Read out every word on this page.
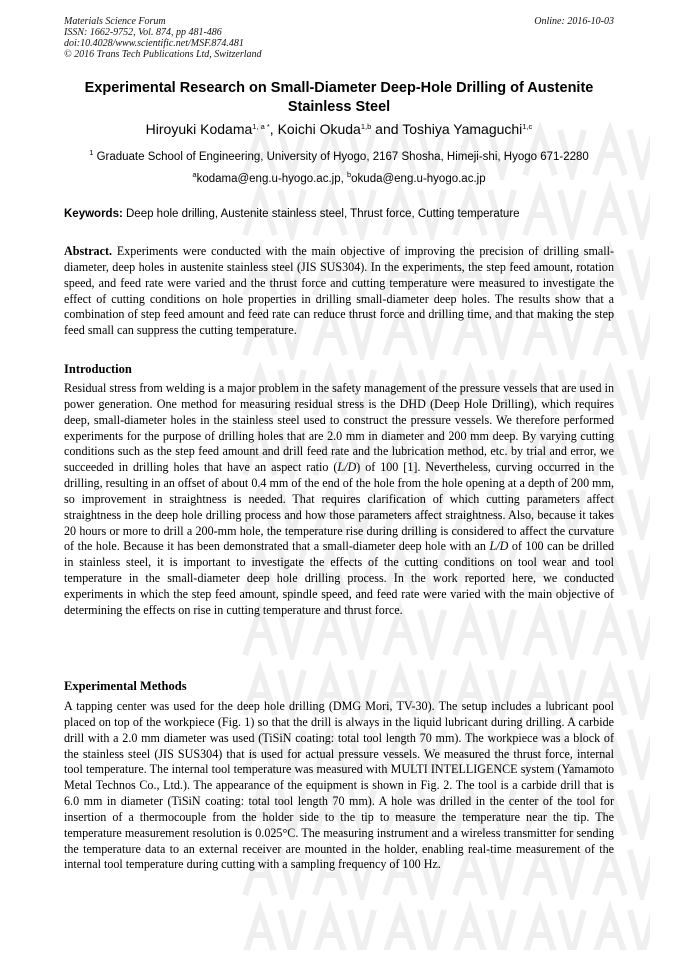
Materials Science Forum
ISSN: 1662-9752, Vol. 874, pp 481-486
doi:10.4028/www.scientific.net/MSF.874.481
© 2016 Trans Tech Publications Ltd, Switzerland
Online: 2016-10-03
Experimental Research on Small-Diameter Deep-Hole Drilling of Austenite Stainless Steel
Hiroyuki Kodama$^{1, a *}$, Koichi Okuda$^{1,b}$ and Toshiya Yamaguchi$^{1,c}$
$^1$ Graduate School of Engineering, University of Hyogo, 2167 Shosha, Himeji-shi, Hyogo 671-2280
$^a$kodama@eng.u-hyogo.ac.jp, $^b$okuda@eng.u-hyogo.ac.jp
Keywords: Deep hole drilling, Austenite stainless steel, Thrust force, Cutting temperature

Abstract. Experiments were conducted with the main objective of improving the precision of drilling small-diameter, deep holes in austenite stainless steel (JIS SUS304). In the experiments, the step feed amount, rotation speed, and feed rate were varied and the thrust force and cutting temperature were measured to investigate the effect of cutting conditions on hole properties in drilling small-diameter deep holes. The results show that a combination of step feed amount and feed rate can reduce thrust force and drilling time, and that making the step feed small can suppress the cutting temperature.

Introduction

Residual stress from welding is a major problem in the safety management of the pressure vessels that are used in power generation. One method for measuring residual stress is the DHD (Deep Hole Drilling), which requires deep, small-diameter holes in the stainless steel used to construct the pressure vessels. We therefore performed experiments for the purpose of drilling holes that are 2.0 mm in diameter and 200 mm deep. By varying cutting conditions such as the step feed amount and drill feed rate and the lubrication method, etc. by trial and error, we succeeded in drilling holes that have an aspect ratio (L/D) of 100 [1]. Nevertheless, curving occurred in the drilling, resulting in an offset of about 0.4 mm of the end of the hole from the hole opening at a depth of 200 mm, so improvement in straightness is needed. That requires clarification of which cutting parameters affect straightness in the deep hole drilling process and how those parameters affect straightness. Also, because it takes 20 hours or more to drill a 200-mm hole, the temperature rise during drilling is considered to affect the curvature of the hole. Because it has been demonstrated that a small-diameter deep hole with an L/D of 100 can be drilled in stainless steel, it is important to investigate the effects of the cutting conditions on tool wear and tool temperature in the small-diameter deep hole drilling process. In the work reported here, we conducted experiments in which the step feed amount, spindle speed, and feed rate were varied with the main objective of determining the effects on rise in cutting temperature and thrust force.

Experimental Methods

A tapping center was used for the deep hole drilling (DMG Mori, TV-30). The setup includes a lubricant pool placed on top of the workpiece (Fig. 1) so that the drill is always in the liquid lubricant during drilling. A carbide drill with a 2.0 mm diameter was used (TiSiN coating: total tool length 70 mm). The workpiece was a block of the stainless steel (JIS SUS304) that is used for actual pressure vessels. We measured the thrust force, internal tool temperature. The internal tool temperature was measured with MULTI INTELLIGENCE system (Yamamoto Metal Technos Co., Ltd.). The appearance of the equipment is shown in Fig. 2. The tool is a carbide drill that is 6.0 mm in diameter (TiSiN coating: total tool length 70 mm). A hole was drilled in the center of the tool for insertion of a thermocouple from the holder side to the tip to measure the temperature near the tip. The temperature measurement resolution is 0.025°C. The measuring instrument and a wireless transmitter for sending the temperature data to an external receiver are mounted in the holder, enabling real-time measurement of the internal tool temperature during cutting with a sampling frequency of 100 Hz.
